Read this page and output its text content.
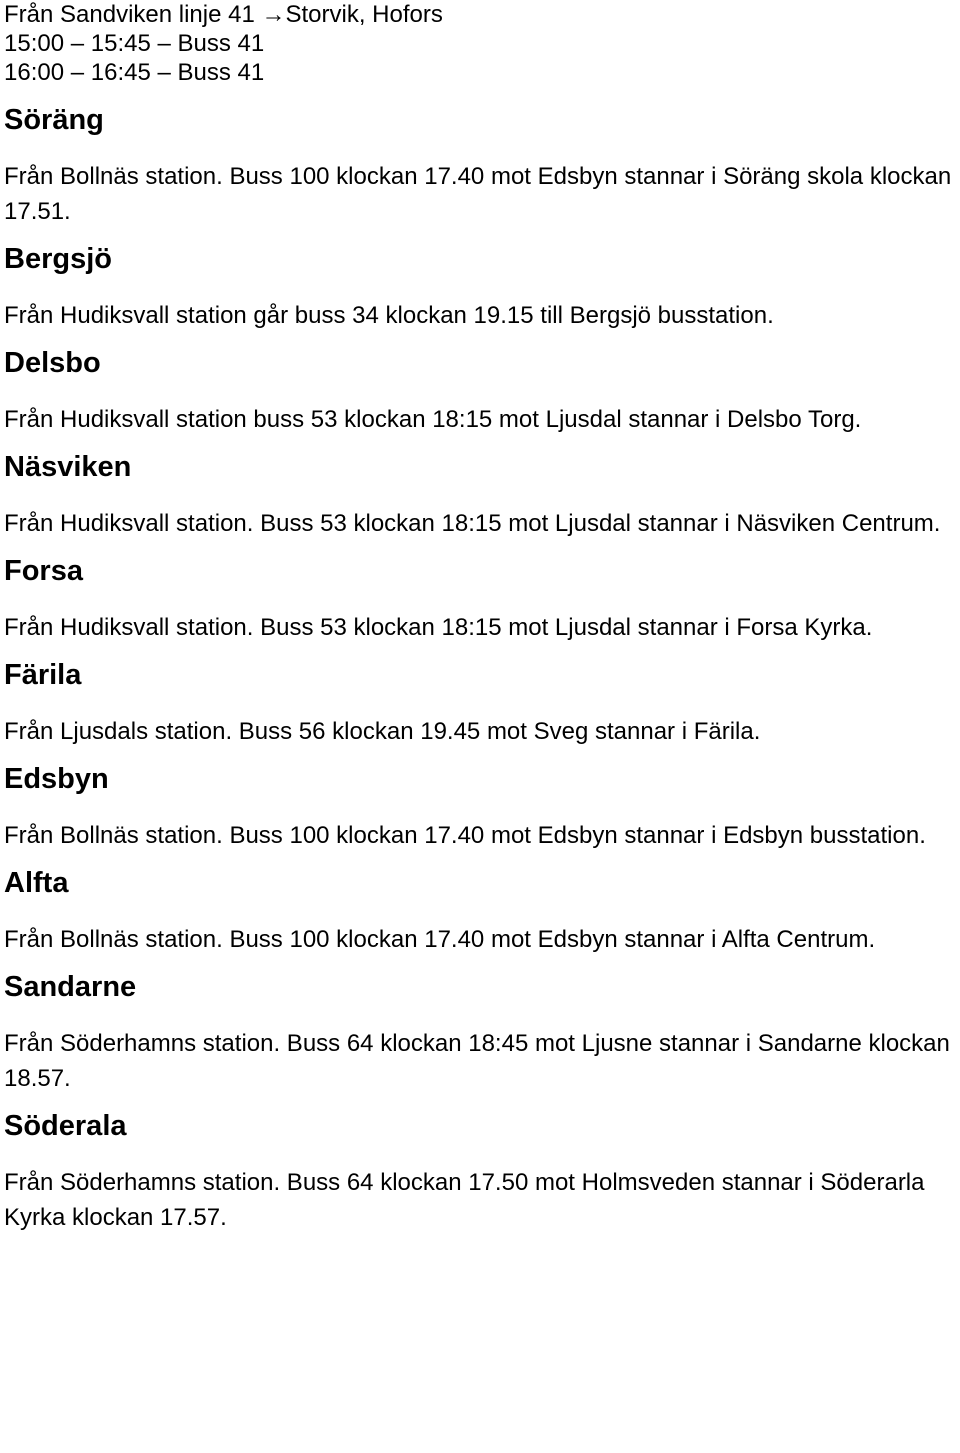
Från Sandviken linje 41 →Storvik, Hofors
15:00 – 15:45 – Buss 41
16:00 – 16:45 – Buss 41
Söräng

Från Bollnäs station. Buss 100 klockan 17.40 mot Edsbyn stannar i Söräng skola klockan 17.51.

Bergsjö

Från Hudiksvall station går buss 34 klockan 19.15 till Bergsjö busstation.

Delsbo

Från Hudiksvall station buss 53 klockan 18:15 mot Ljusdal stannar i Delsbo Torg.

Näsviken

Från Hudiksvall station. Buss 53 klockan 18:15 mot Ljusdal stannar i Näsviken Centrum.

Forsa

Från Hudiksvall station. Buss 53 klockan 18:15 mot Ljusdal stannar i Forsa Kyrka.

Färila

Från Ljusdals station. Buss 56 klockan 19.45 mot Sveg stannar i Färila.

Edsbyn

Från Bollnäs station. Buss 100 klockan 17.40 mot Edsbyn stannar i Edsbyn busstation.

Alfta

Från Bollnäs station. Buss 100 klockan 17.40 mot Edsbyn stannar i Alfta Centrum.

Sandarne

Från Söderhamns station. Buss 64 klockan 18:45 mot Ljusne stannar i Sandarne klockan 18.57.

Söderala

Från Söderhamns station. Buss 64 klockan 17.50 mot Holmsveden stannar i Söderarla Kyrka klockan 17.57.
